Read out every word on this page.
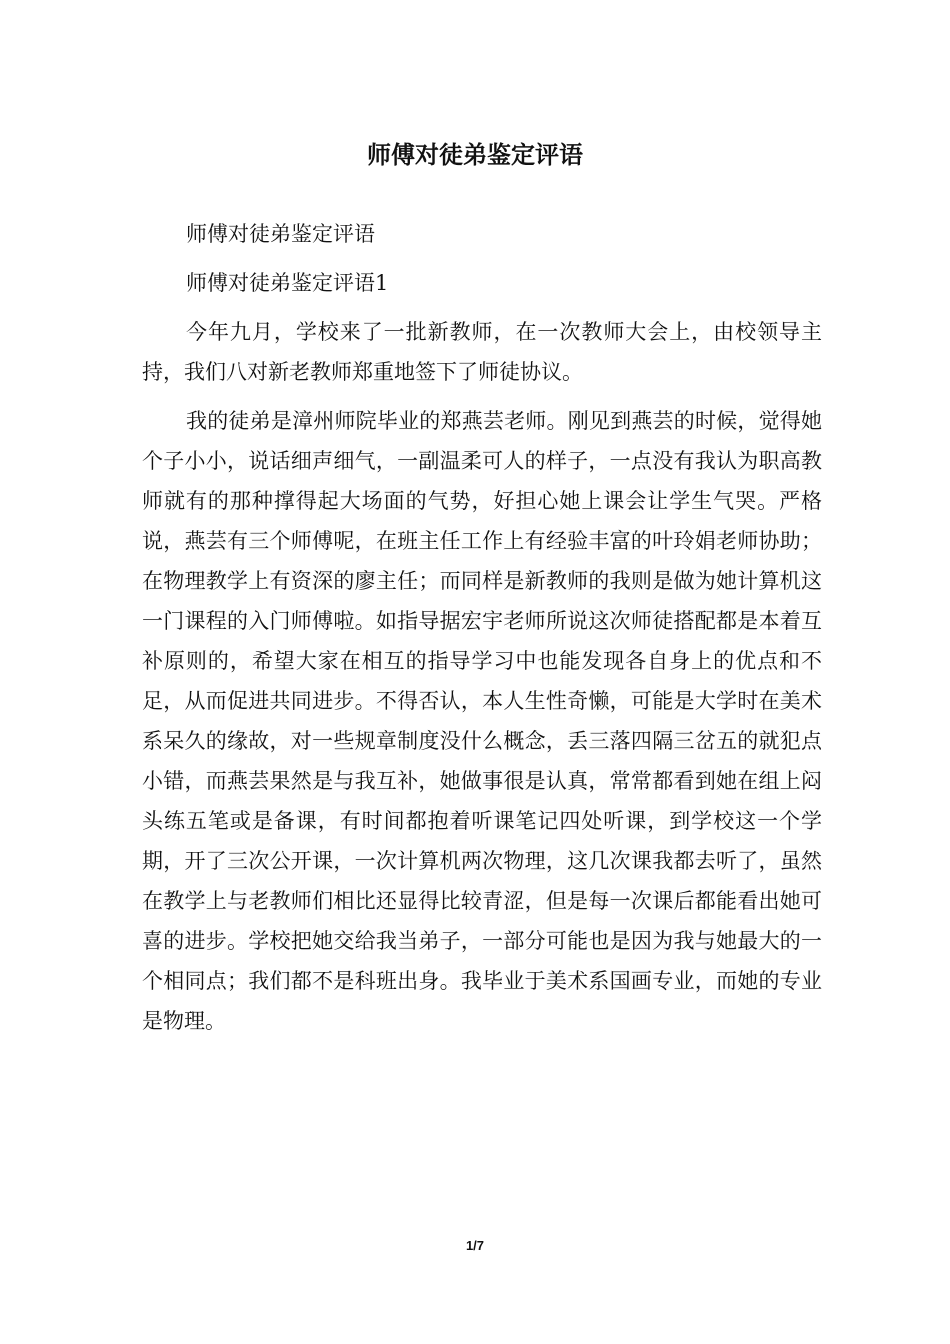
师傅对徒弟鉴定评语

师傅对徒弟鉴定评语

师傅对徒弟鉴定评语1

今年九月，学校来了一批新教师，在一次教师大会上，由校领导主持，我们八对新老教师郑重地签下了师徒协议。

我的徒弟是漳州师院毕业的郑燕芸老师。刚见到燕芸的时候，觉得她个子小小，说话细声细气，一副温柔可人的样子，一点没有我认为职高教师就有的那种撑得起大场面的气势，好担心她上课会让学生气哭。严格说，燕芸有三个师傅呢，在班主任工作上有经验丰富的叶玲娟老师协助；在物理教学上有资深的廖主任；而同样是新教师的我则是做为她计算机这一门课程的入门师傅啦。如指导据宏宇老师所说这次师徒搭配都是本着互补原则的，希望大家在相互的指导学习中也能发现各自身上的优点和不足，从而促进共同进步。不得否认，本人生性奇懒，可能是大学时在美术系呆久的缘故，对一些规章制度没什么概念，丢三落四隔三岔五的就犯点小错，而燕芸果然是与我互补，她做事很是认真，常常都看到她在组上闷头练五笔或是备课，有时间都抱着听课笔记四处听课，到学校这一个学期，开了三次公开课，一次计算机两次物理，这几次课我都去听了，虽然在教学上与老教师们相比还显得比较青涩，但是每一次课后都能看出她可喜的进步。学校把她交给我当弟子，一部分可能也是因为我与她最大的一个相同点；我们都不是科班出身。我毕业于美术系国画专业，而她的专业是物理。

1/7
